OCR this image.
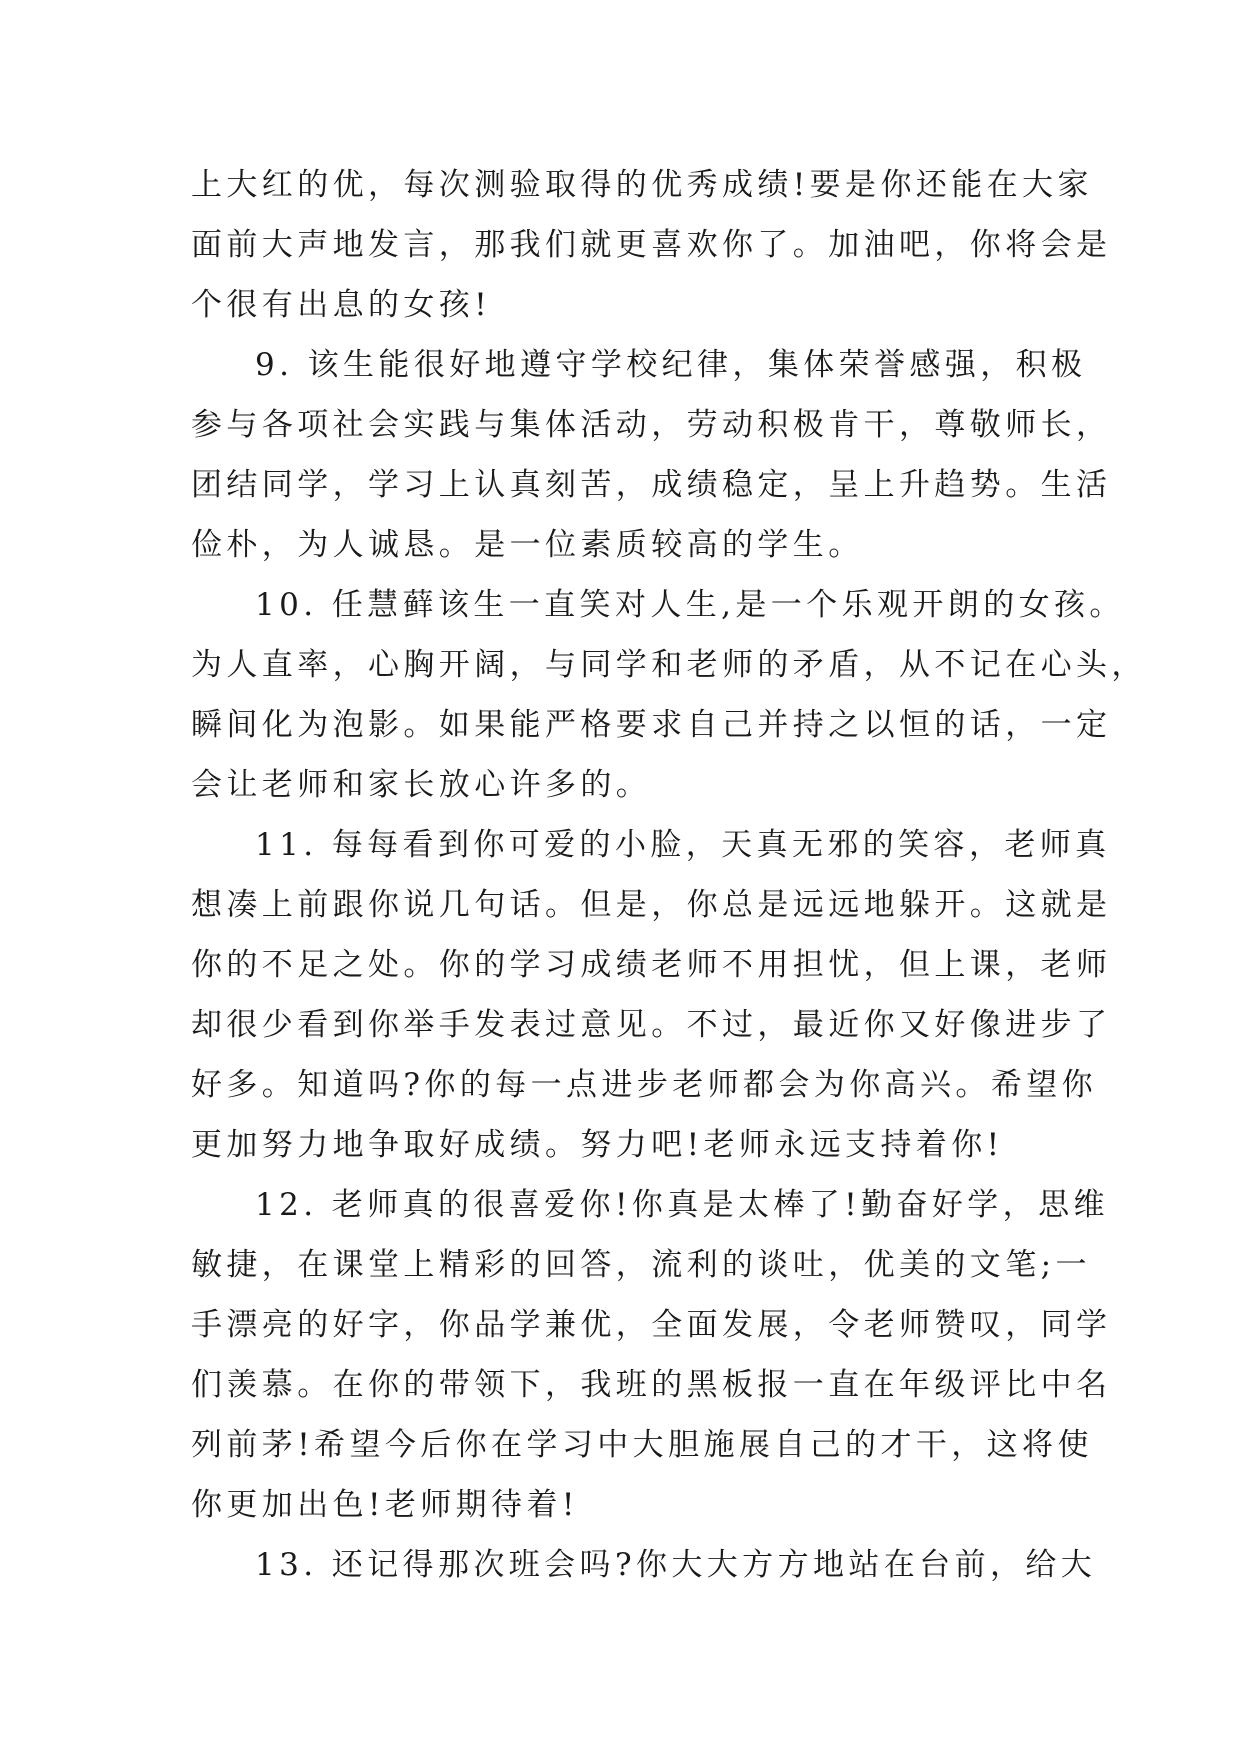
上大红的优，每次测验取得的优秀成绩!要是你还能在大家
面前大声地发言，那我们就更喜欢你了。加油吧，你将会是
个很有出息的女孩!
9. 该生能很好地遵守学校纪律，集体荣誉感强，积极
参与各项社会实践与集体活动，劳动积极肯干，尊敬师长，
团结同学，学习上认真刻苦，成绩稳定，呈上升趋势。生活
俭朴，为人诚恳。是一位素质较高的学生。
10. 任慧藓该生一直笑对人生,是一个乐观开朗的女孩。
为人直率，心胸开阔，与同学和老师的矛盾，从不记在心头，
瞬间化为泡影。如果能严格要求自己并持之以恒的话，一定
会让老师和家长放心许多的。
11. 每每看到你可爱的小脸，天真无邪的笑容，老师真
想凑上前跟你说几句话。但是，你总是远远地躲开。这就是
你的不足之处。你的学习成绩老师不用担忧，但上课，老师
却很少看到你举手发表过意见。不过，最近你又好像进步了
好多。知道吗?你的每一点进步老师都会为你高兴。希望你
更加努力地争取好成绩。努力吧!老师永远支持着你!
12. 老师真的很喜爱你!你真是太棒了!勤奋好学，思维
敏捷，在课堂上精彩的回答，流利的谈吐，优美的文笔;一
手漂亮的好字，你品学兼优，全面发展，令老师赞叹，同学
们羡慕。在你的带领下，我班的黑板报一直在年级评比中名
列前茅!希望今后你在学习中大胆施展自己的才干，这将使
你更加出色!老师期待着!
13. 还记得那次班会吗?你大大方方地站在台前，给大
